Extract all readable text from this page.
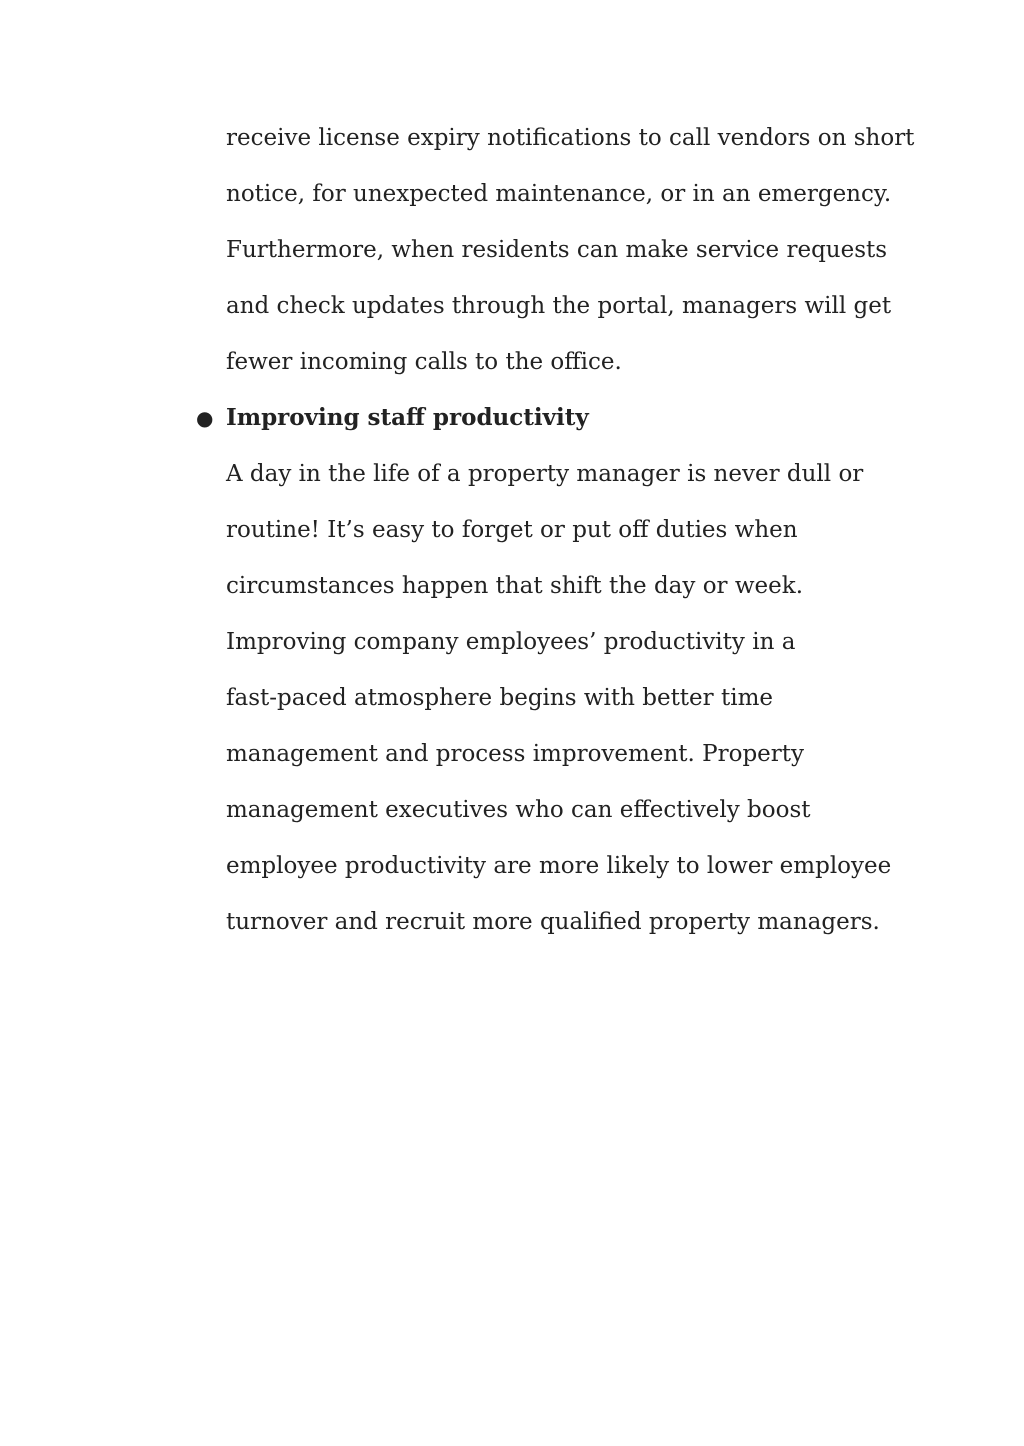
receive license expiry notifications to call vendors on short
notice, for unexpected maintenance, or in an emergency.
Furthermore, when residents can make service requests
and check updates through the portal, managers will get
fewer incoming calls to the office.
● Improving staff productivity
A day in the life of a property manager is never dull or
routine! It’s easy to forget or put off duties when
circumstances happen that shift the day or week.
Improving company employees’ productivity in a
fast-paced atmosphere begins with better time
management and process improvement. Property
management executives who can effectively boost
employee productivity are more likely to lower employee
turnover and recruit more qualified property managers.
